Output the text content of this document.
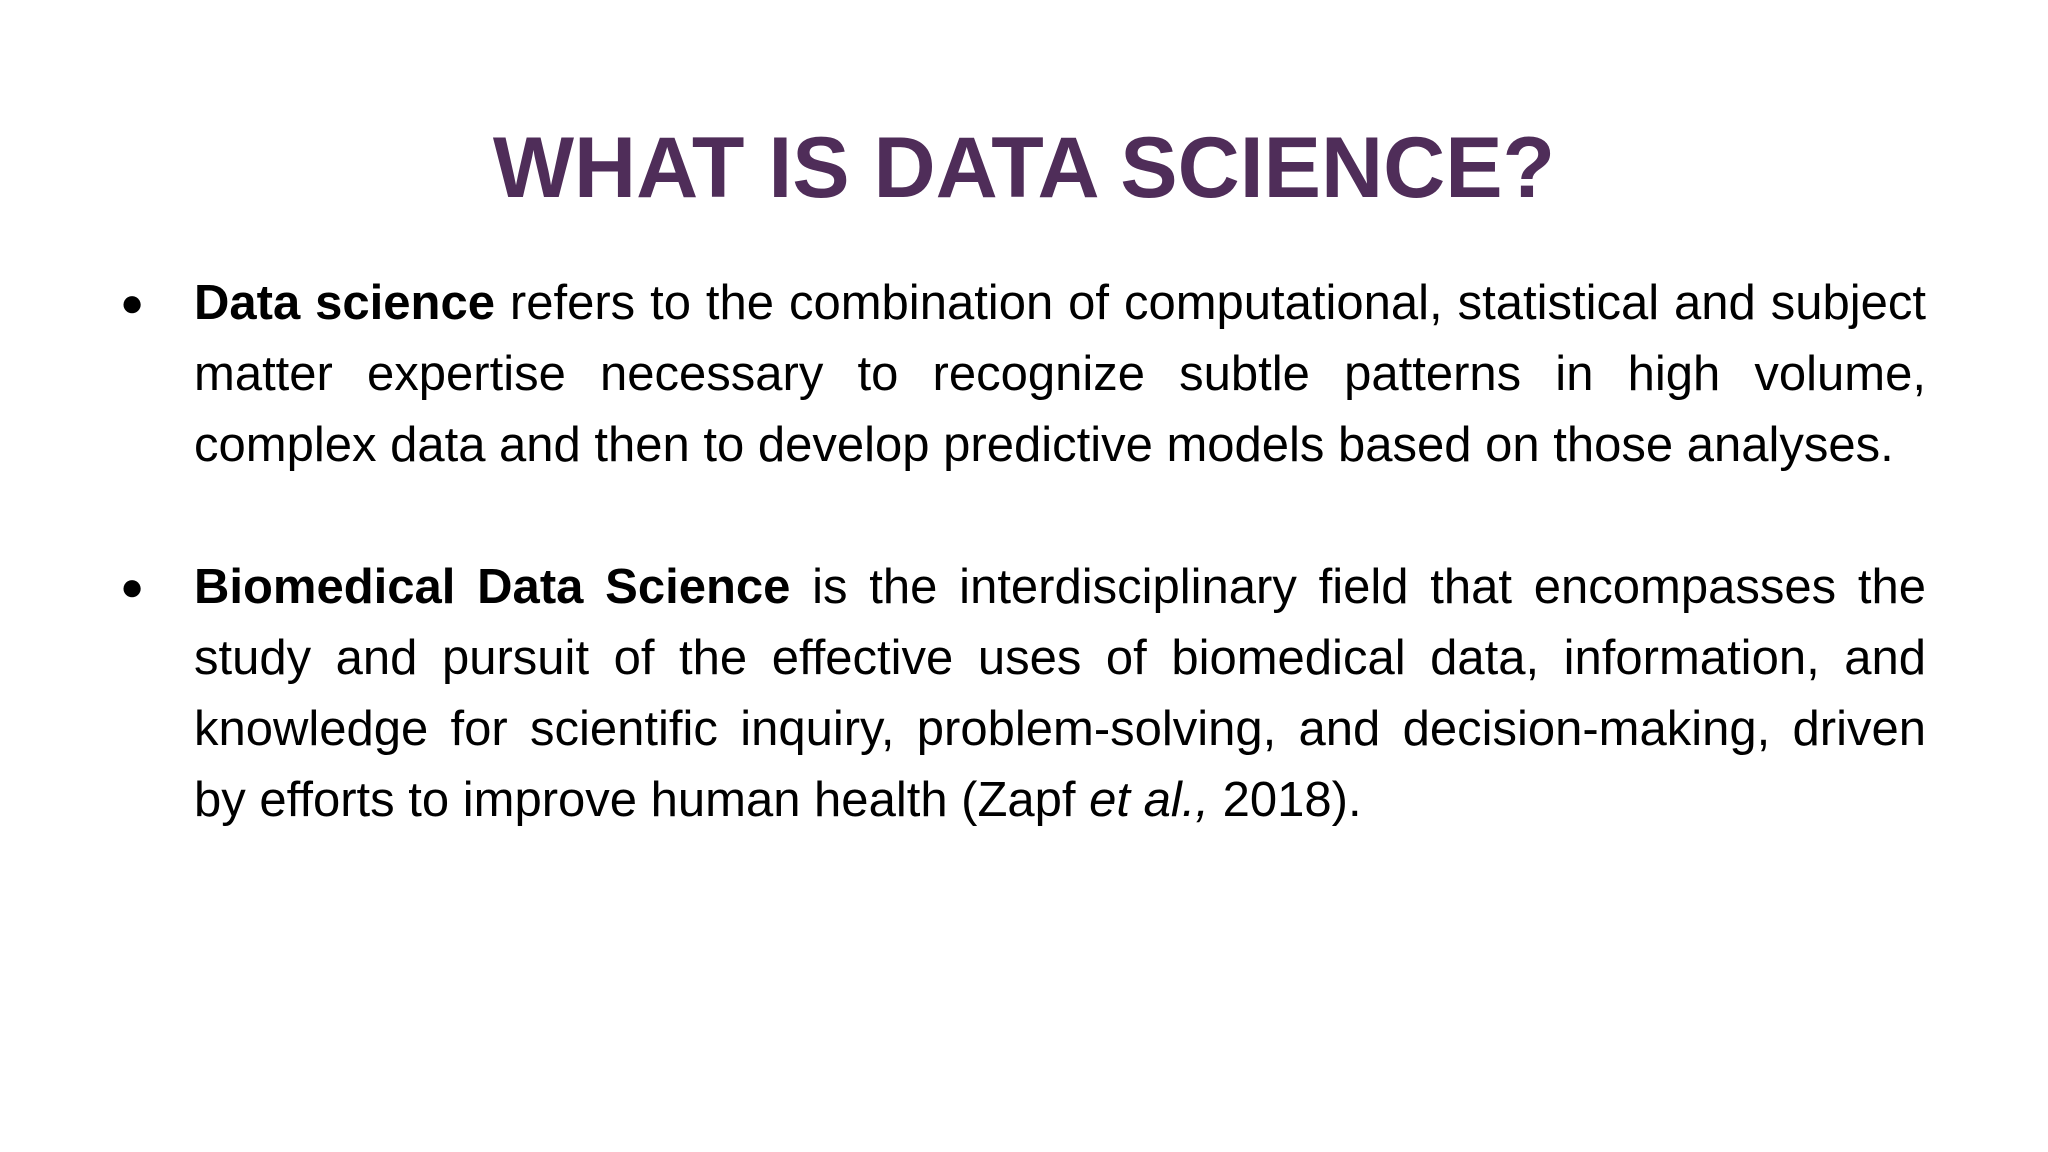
WHAT IS DATA SCIENCE?
● Data science refers to the combination of computational, statistical and subject matter expertise necessary to recognize subtle patterns in high volume, complex data and then to develop predictive models based on those analyses.
● Biomedical Data Science is the interdisciplinary field that encompasses the study and pursuit of the effective uses of biomedical data, information, and knowledge for scientific inquiry, problem-solving, and decision-making, driven by efforts to improve human health (Zapf et al., 2018).
